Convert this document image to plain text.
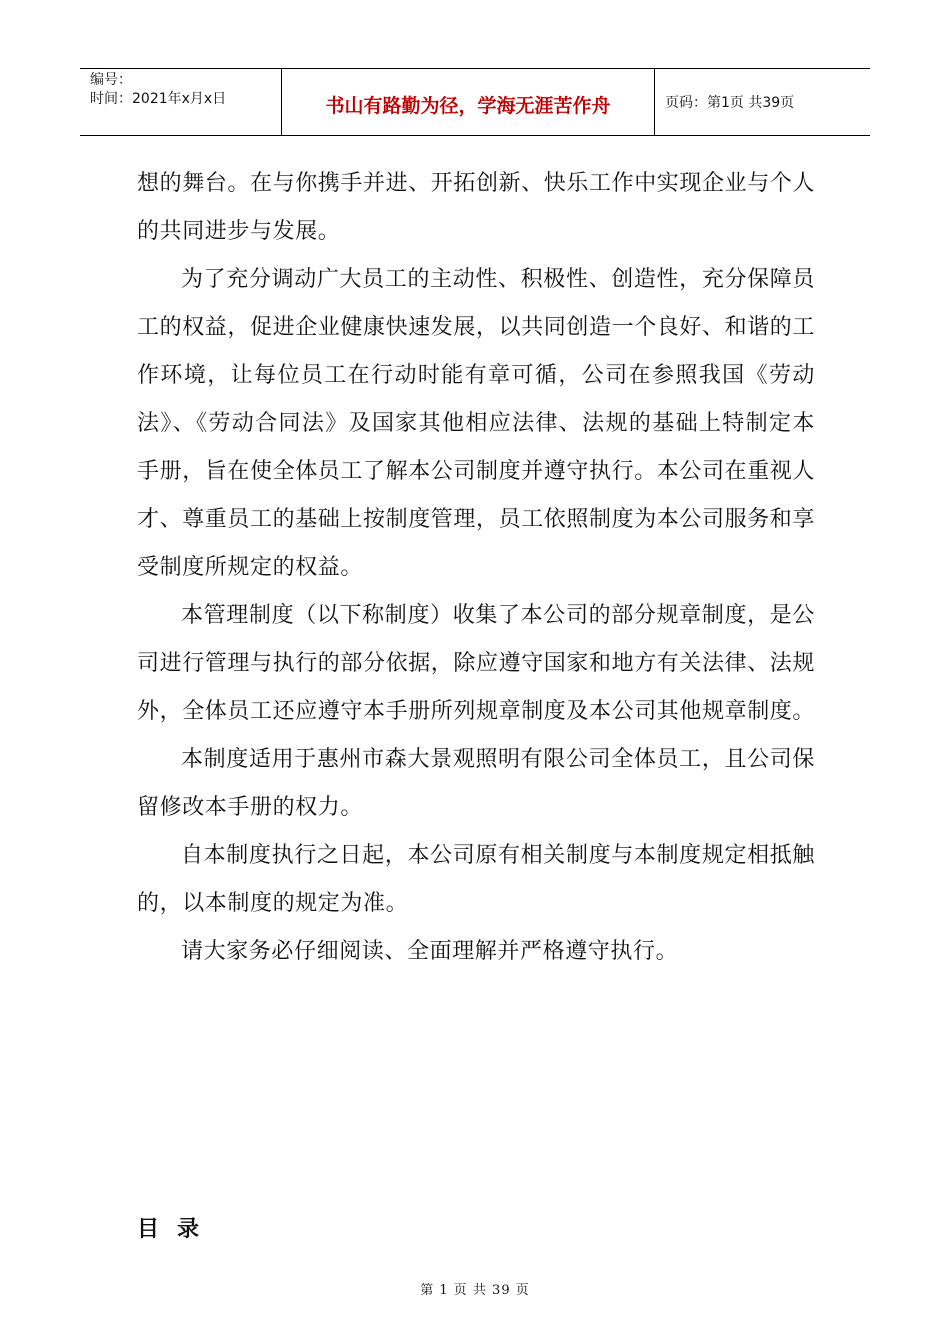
编号：
时间：2021年x月x日	书山有路勤为径，学海无涯苦作舟	页码：第1页 共39页

想的舞台。在与你携手并进、开拓创新、快乐工作中实现企业与个人的共同进步与发展。

为了充分调动广大员工的主动性、积极性、创造性，充分保障员工的权益，促进企业健康快速发展，以共同创造一个良好、和谐的工作环境，让每位员工在行动时能有章可循，公司在参照我国《劳动法》、《劳动合同法》及国家其他相应法律、法规的基础上特制定本手册，旨在使全体员工了解本公司制度并遵守执行。本公司在重视人才、尊重员工的基础上按制度管理，员工依照制度为本公司服务和享受制度所规定的权益。

本管理制度（以下称制度）收集了本公司的部分规章制度，是公司进行管理与执行的部分依据，除应遵守国家和地方有关法律、法规外，全体员工还应遵守本手册所列规章制度及本公司其他规章制度。

本制度适用于惠州市森大景观照明有限公司全体员工，且公司保留修改本手册的权力。

自本制度执行之日起，本公司原有相关制度与本制度规定相抵触的，以本制度的规定为准。

请大家务必仔细阅读、全面理解并严格遵守执行。

目录
第 1 页 共 39 页
